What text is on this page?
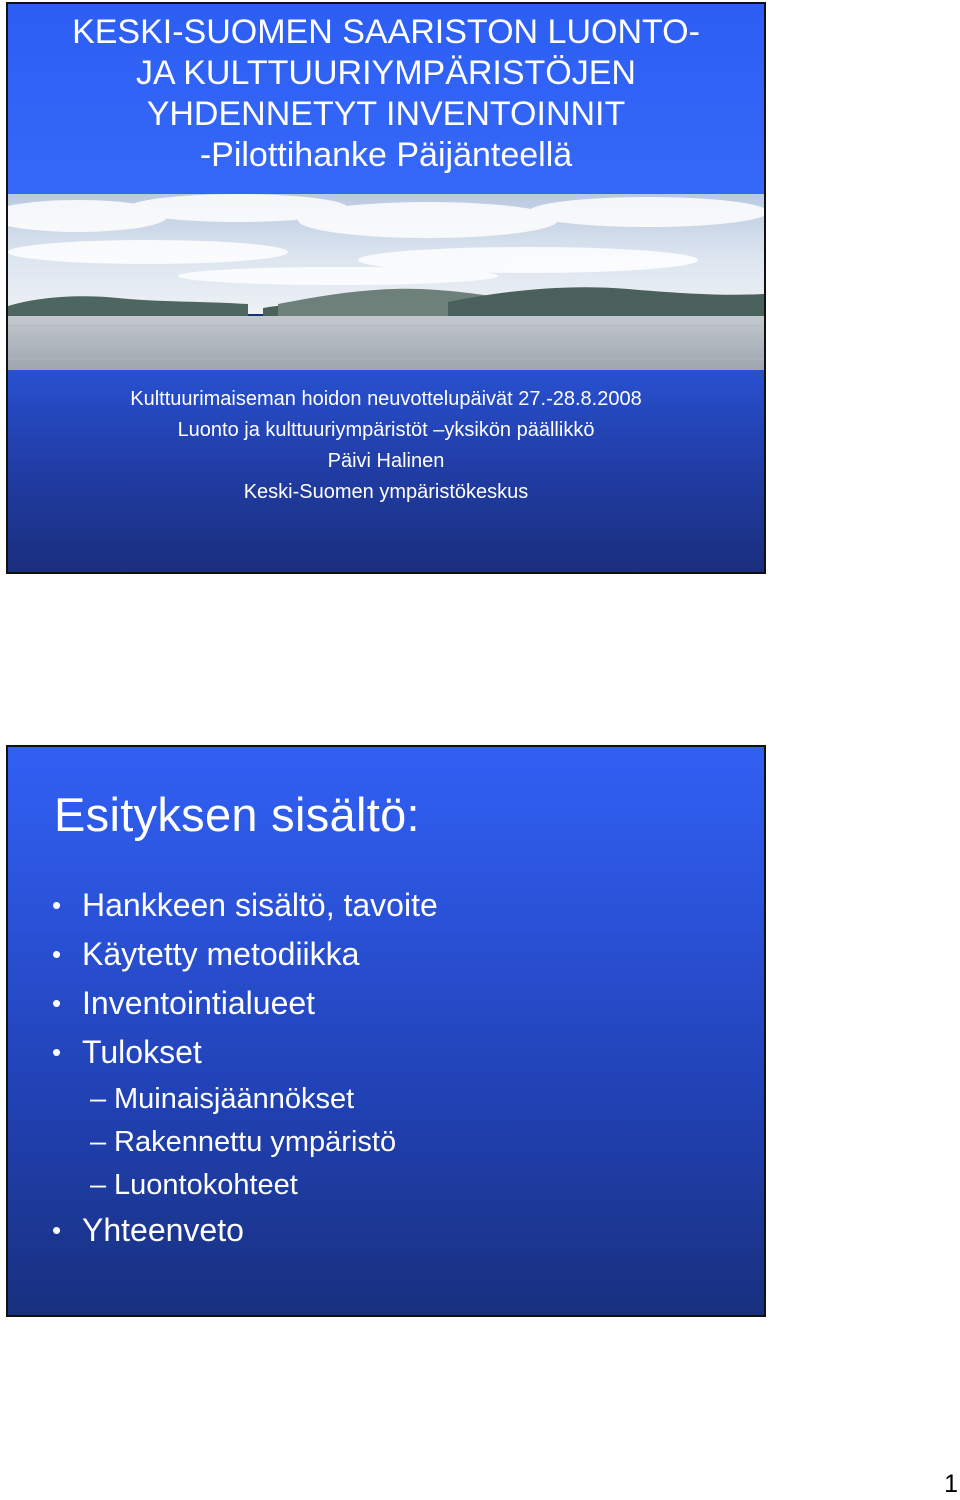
KESKI-SUOMEN SAARISTON LUONTO-
JA KULTTUURIYMPÄRISTÖJEN
YHDENNETYT INVENTOINNIT
-Pilottihanke Päijänteellä
Kulttuurimaiseman hoidon neuvottelupäivät 27.-28.8.2008
Luonto ja kulttuuriympäristöt –yksikön päällikkö
Päivi Halinen
Keski-Suomen ympäristökeskus
Esityksen sisältö:
• Hankkeen sisältö, tavoite
• Käytetty metodiikka
• Inventointialueet
• Tulokset
– Muinaisjäännökset
– Rakennettu ympäristö
– Luontokohteet
• Yhteenveto
1
